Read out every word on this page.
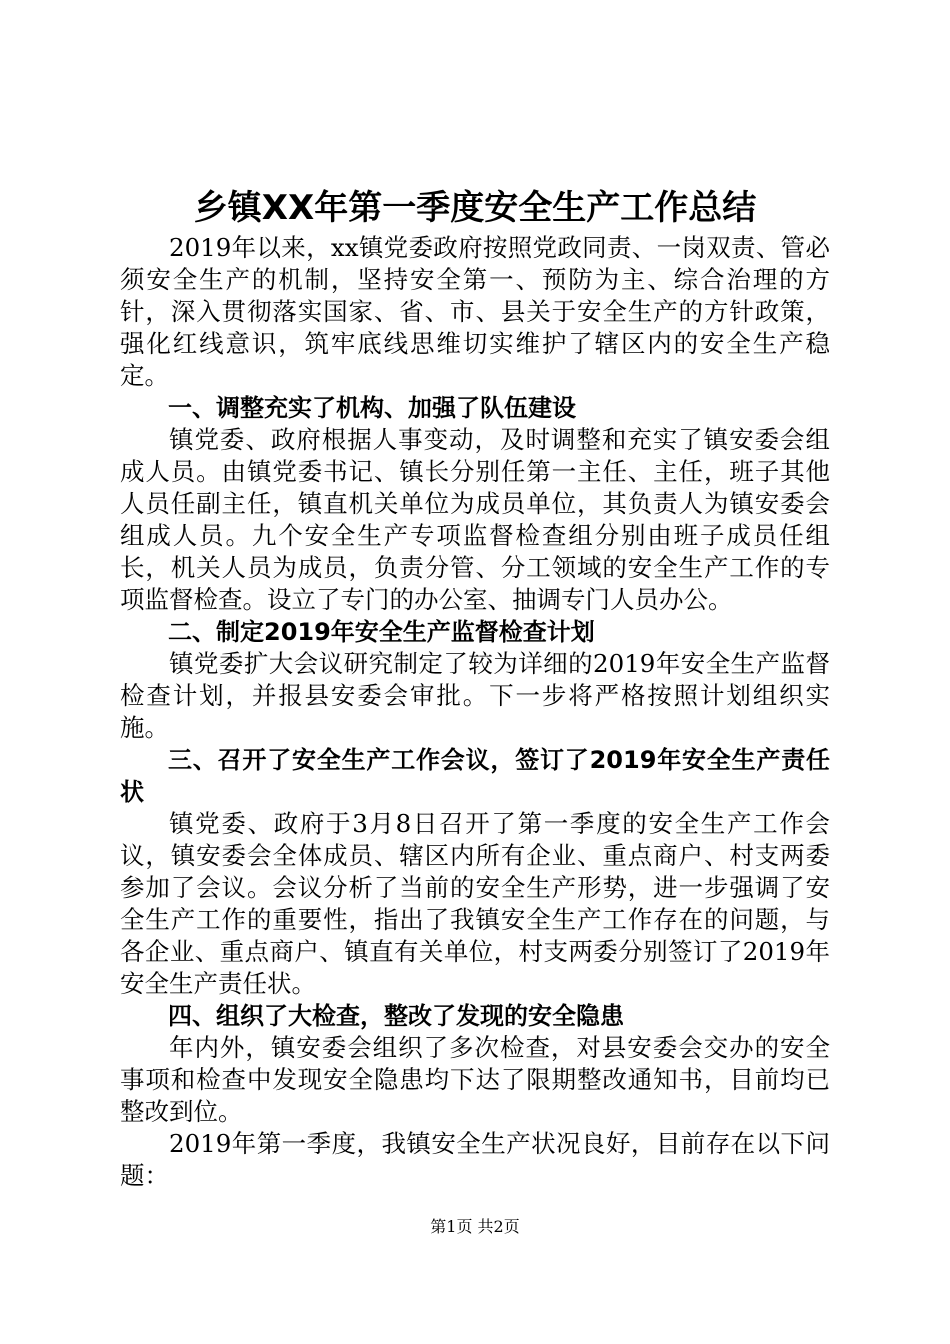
乡镇XX年第一季度安全生产工作总结

2019年以来，xx镇党委政府按照党政同责、一岗双责、管必须安全生产的机制，坚持安全第一、预防为主、综合治理的方针，深入贯彻落实国家、省、市、县关于安全生产的方针政策，强化红线意识，筑牢底线思维切实维护了辖区内的安全生产稳定。

一、调整充实了机构、加强了队伍建设

镇党委、政府根据人事变动，及时调整和充实了镇安委会组成人员。由镇党委书记、镇长分别任第一主任、主任，班子其他人员任副主任，镇直机关单位为成员单位，其负责人为镇安委会组成人员。九个安全生产专项监督检查组分别由班子成员任组长，机关人员为成员，负责分管、分工领域的安全生产工作的专项监督检查。设立了专门的办公室、抽调专门人员办公。

二、制定2019年安全生产监督检查计划

镇党委扩大会议研究制定了较为详细的2019年安全生产监督检查计划，并报县安委会审批。下一步将严格按照计划组织实施。

三、召开了安全生产工作会议，签订了2019年安全生产责任状

镇党委、政府于3月8日召开了第一季度的安全生产工作会议，镇安委会全体成员、辖区内所有企业、重点商户、村支两委参加了会议。会议分析了当前的安全生产形势，进一步强调了安全生产工作的重要性，指出了我镇安全生产工作存在的问题，与各企业、重点商户、镇直有关单位，村支两委分别签订了2019年安全生产责任状。

四、组织了大检查，整改了发现的安全隐患

年内外，镇安委会组织了多次检查，对县安委会交办的安全事项和检查中发现安全隐患均下达了限期整改通知书，目前均已整改到位。

2019年第一季度，我镇安全生产状况良好，目前存在以下问题：

第1页 共2页
